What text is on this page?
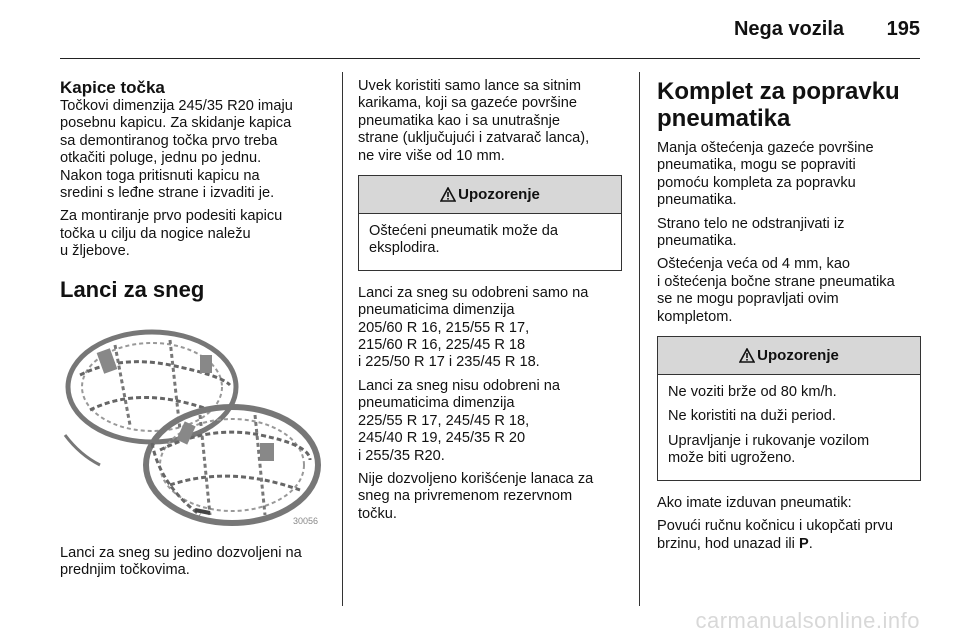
Nega vozila 195
Kapice točka

Točkovi dimenzija 245/35 R20 imaju
posebnu kapicu. Za skidanje kapica
sa demontiranog točka prvo treba
otkačiti poluge, jednu po jednu.
Nakon toga pritisnuti kapicu na
sredini s leđne strane i izvaditi je.

Za montiranje prvo podesiti kapicu
točka u cilju da nogice naležu
u žljebove.

Lanci za sneg
30056

Lanci za sneg su jedino dozvoljeni na
prednjim točkovima.

Uvek koristiti samo lance sa sitnim
karikama, koji sa gazeće površine
pneumatika kao i sa unutrašnje
strane (uključujući i zatvarač lanca),
ne vire više od 10 mm.

Upozorenje

Oštećeni pneumatik može da
eksplodira.

Lanci za sneg su odobreni samo na
pneumaticima dimenzija
205/60 R 16, 215/55 R 17,
215/60 R 16, 225/45 R 18
i 225/50 R 17 i 235/45 R 18.

Lanci za sneg nisu odobreni na
pneumaticima dimenzija
225/55 R 17, 245/45 R 18,
245/40 R 19, 245/35 R 20
i 255/35 R20.

Nije dozvoljeno korišćenje lanaca za
sneg na privremenom rezervnom
točku.

Komplet za popravku
pneumatika

Manja oštećenja gazeće površine
pneumatika, mogu se popraviti
pomoću kompleta za popravku
pneumatika.

Strano telo ne odstranjivati iz
pneumatika.

Oštećenja veća od 4 mm, kao
i oštećenja bočne strane pneumatika
se ne mogu popravljati ovim
kompletom.

Upozorenje

Ne voziti brže od 80 km/h.

Ne koristiti na duži period.

Upravljanje i rukovanje vozilom
može biti ugroženo.

Ako imate izduvan pneumatik:

Povući ručnu kočnicu i ukopčati prvu
brzinu, hod unazad ili P.

carmanualsonline.info
